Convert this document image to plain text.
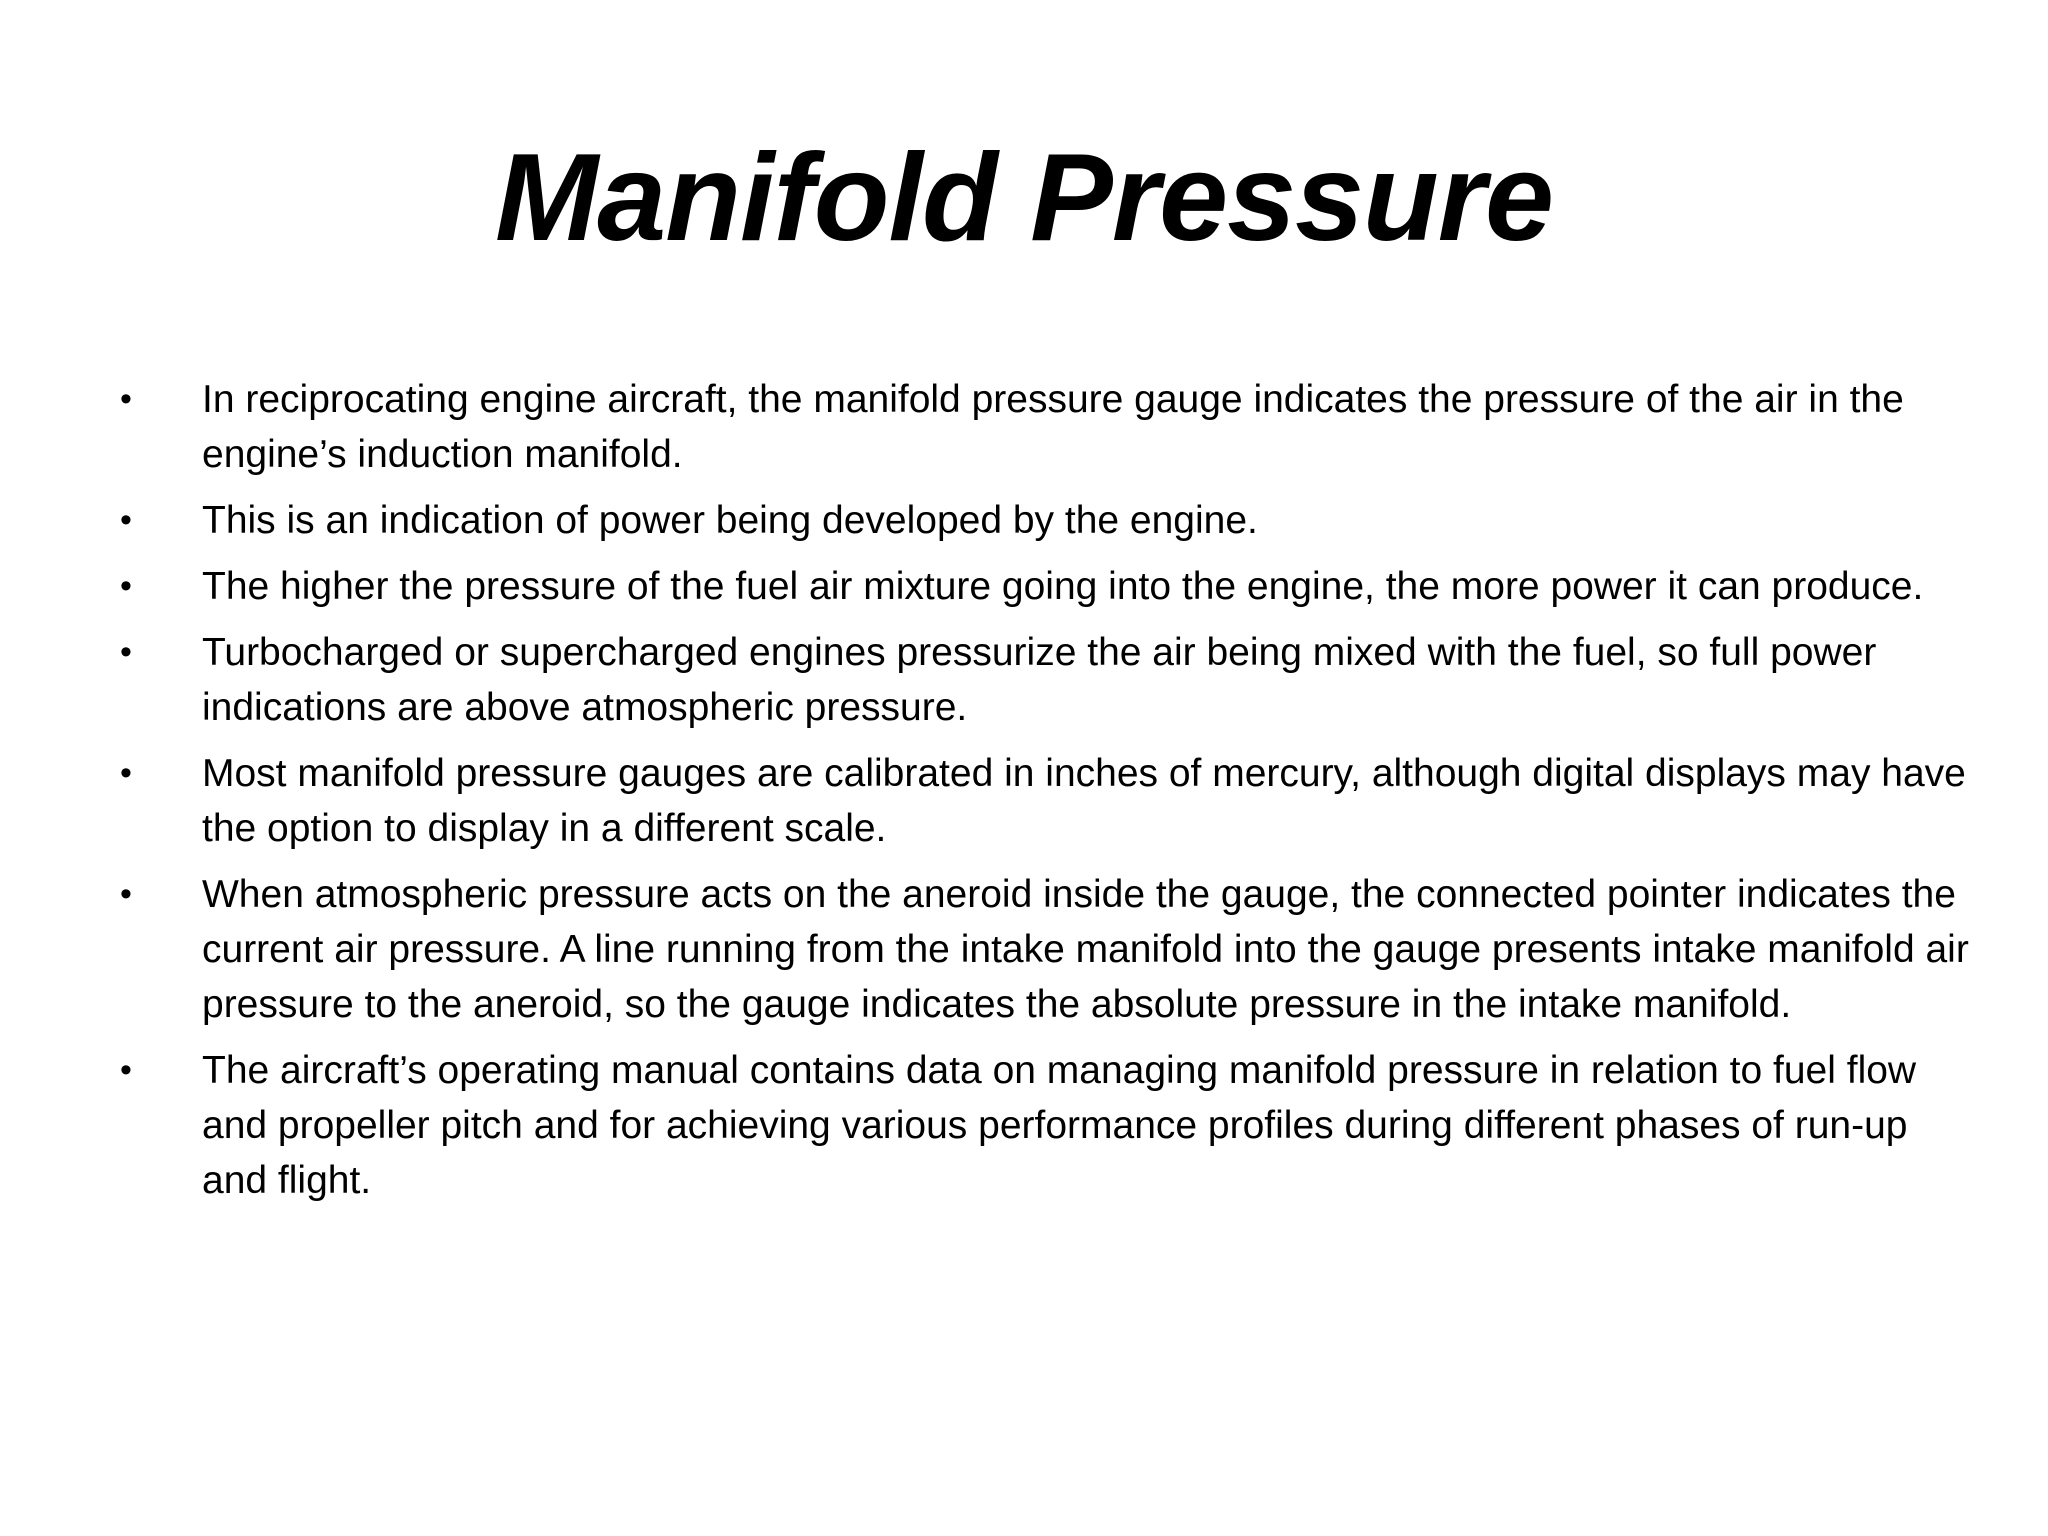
Manifold Pressure
•	In reciprocating engine aircraft, the manifold pressure gauge indicates the pressure of the air in the engine’s induction manifold.
•	This is an indication of power being developed by the engine.
•	The higher the pressure of the fuel air mixture going into the engine, the more power it can produce.
•	Turbocharged or supercharged engines pressurize the air being mixed with the fuel, so full power indications are above atmospheric pressure.
•	Most manifold pressure gauges are calibrated in inches of mercury, although digital displays may have the option to display in a different scale.
•	When atmospheric pressure acts on the aneroid inside the gauge, the connected pointer indicates the current air pressure. A line running from the intake manifold into the gauge presents intake manifold air pressure to the aneroid, so the gauge indicates the absolute pressure in the intake manifold.
•	The aircraft’s operating manual contains data on managing manifold pressure in relation to fuel flow and propeller pitch and for achieving various performance profiles during different phases of run-up and flight.
